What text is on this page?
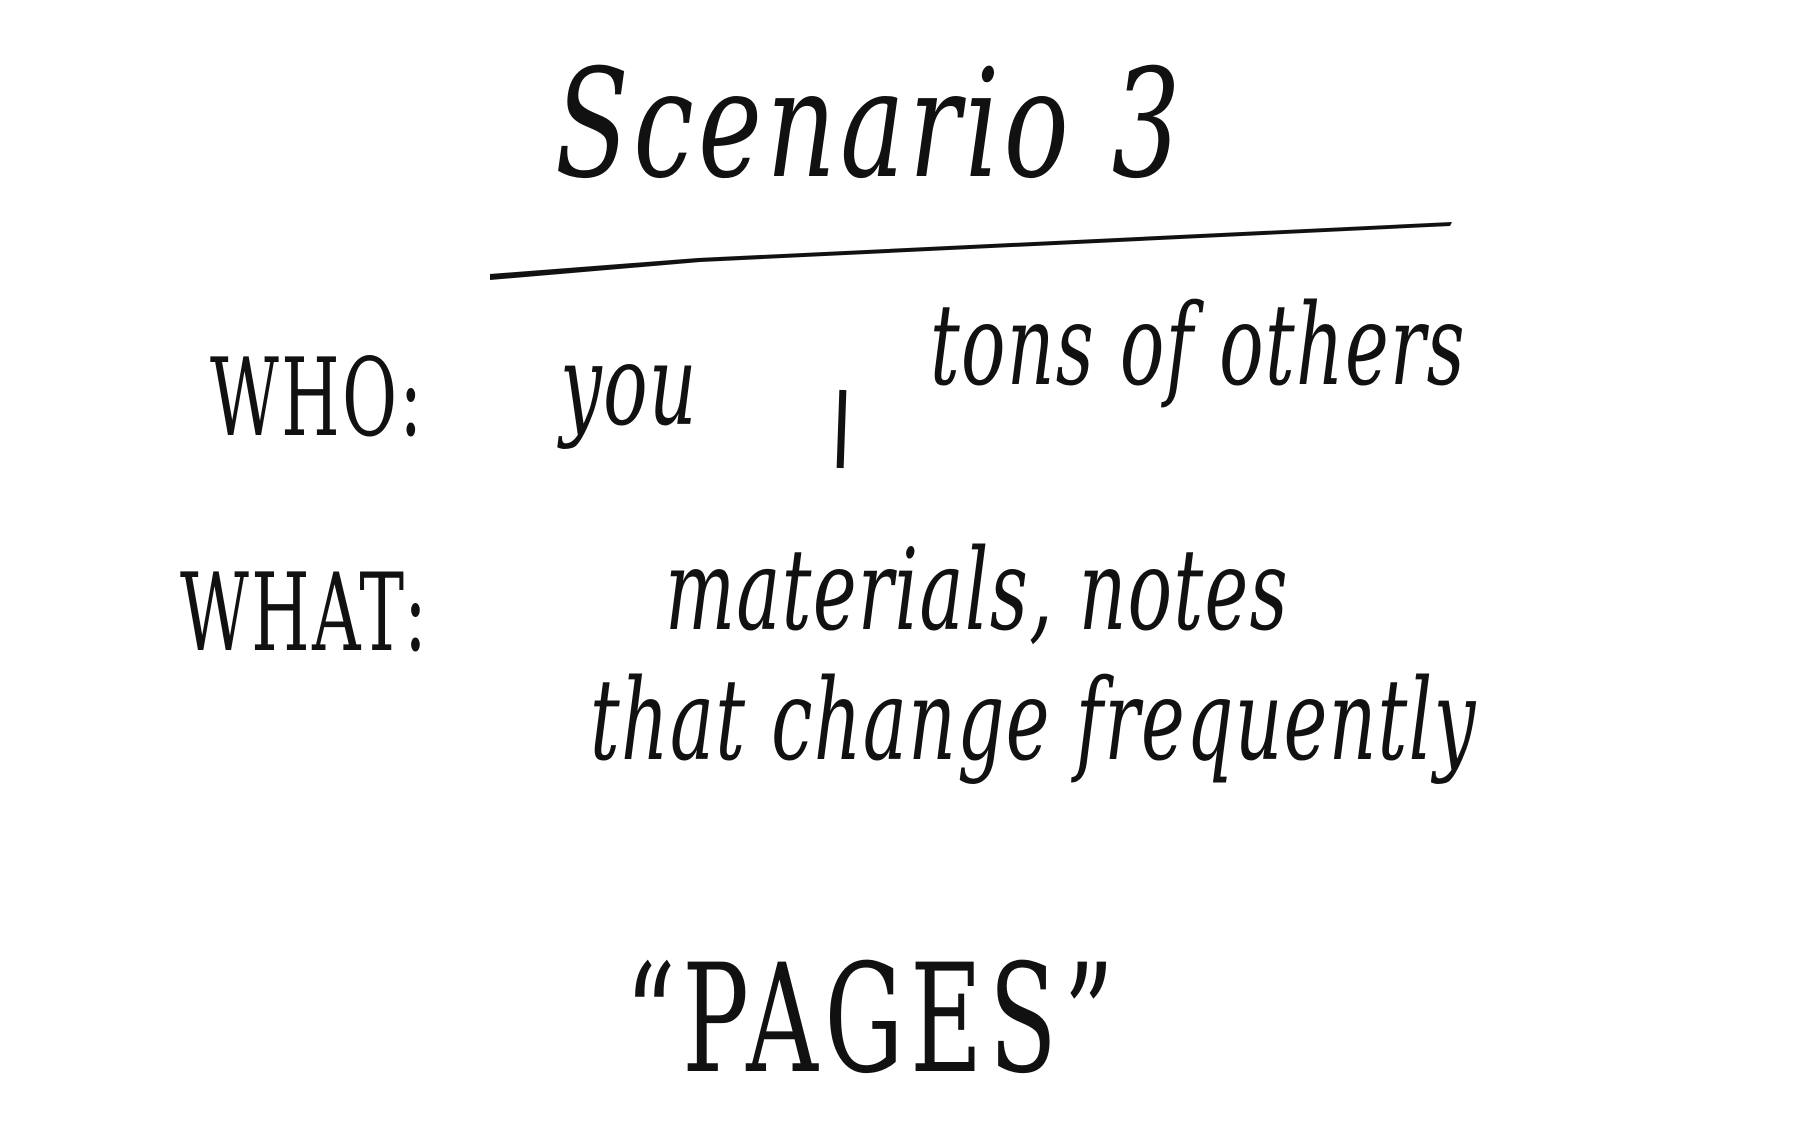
Scenario 3
WHO: you tons of others
WHAT: materials, notes
that change frequently
“PAGES”
